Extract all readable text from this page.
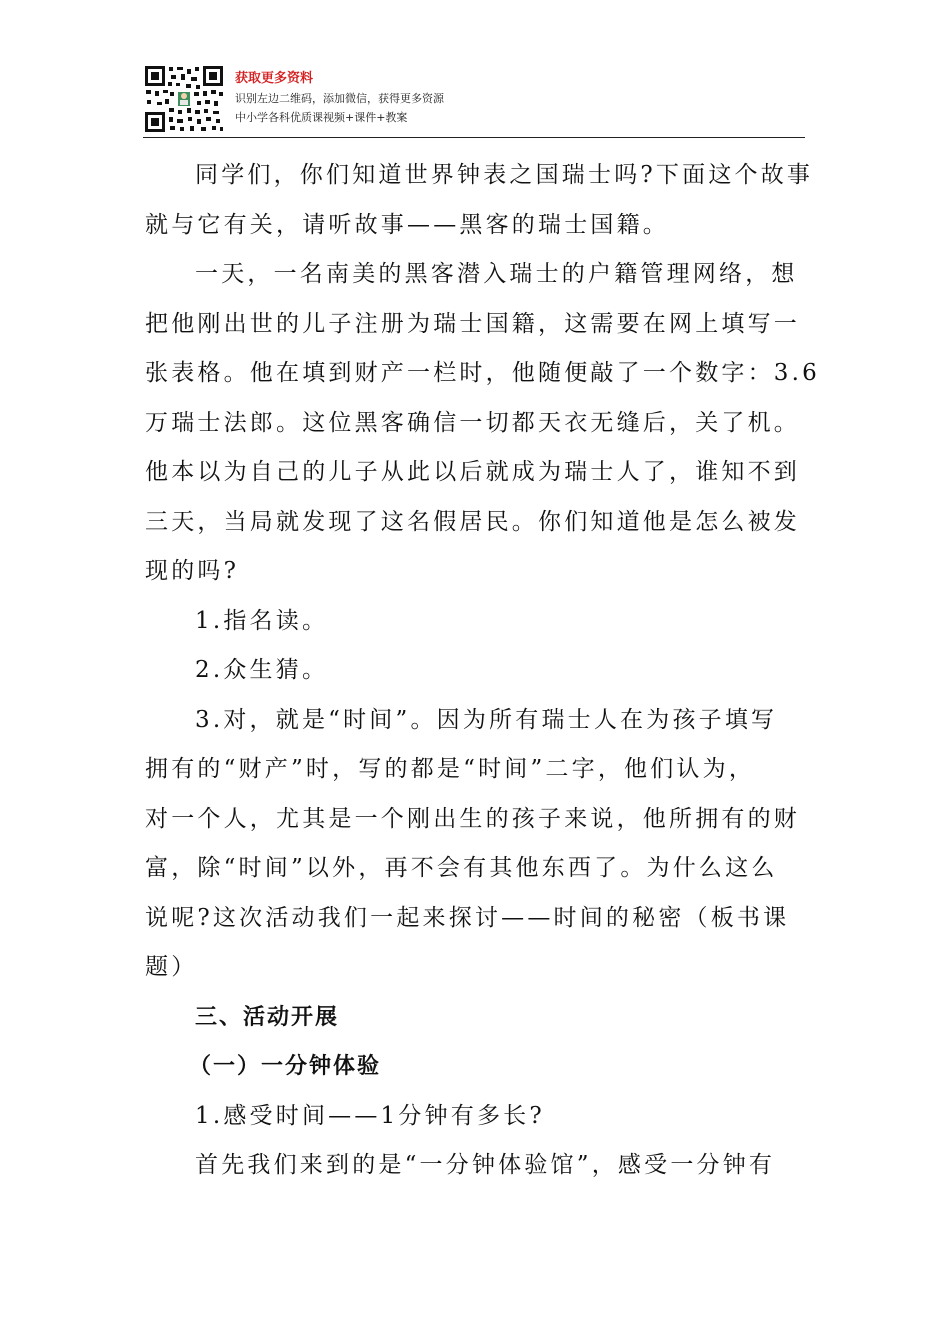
获取更多资料
识别左边二维码，添加微信，获得更多资源
中小学各科优质课视频+课件+教案

同学们，你们知道世界钟表之国瑞士吗?下面这个故事
就与它有关，请听故事——黑客的瑞士国籍。

一天，一名南美的黑客潜入瑞士的户籍管理网络，想
把他刚出世的儿子注册为瑞士国籍，这需要在网上填写一
张表格。他在填到财产一栏时，他随便敲了一个数字：3.6
万瑞士法郎。这位黑客确信一切都天衣无缝后，关了机。
他本以为自己的儿子从此以后就成为瑞士人了，谁知不到
三天，当局就发现了这名假居民。你们知道他是怎么被发
现的吗?

1.指名读。

2.众生猜。

3.对，就是“时间”。因为所有瑞士人在为孩子填写
拥有的“财产”时，写的都是“时间”二字，他们认为，
对一个人，尤其是一个刚出生的孩子来说，他所拥有的财
富，除“时间”以外，再不会有其他东西了。为什么这么
说呢?这次活动我们一起来探讨——时间的秘密（板书课
题）

三、活动开展

（一）一分钟体验

1.感受时间——1分钟有多长?

首先我们来到的是“一分钟体验馆”，感受一分钟有
